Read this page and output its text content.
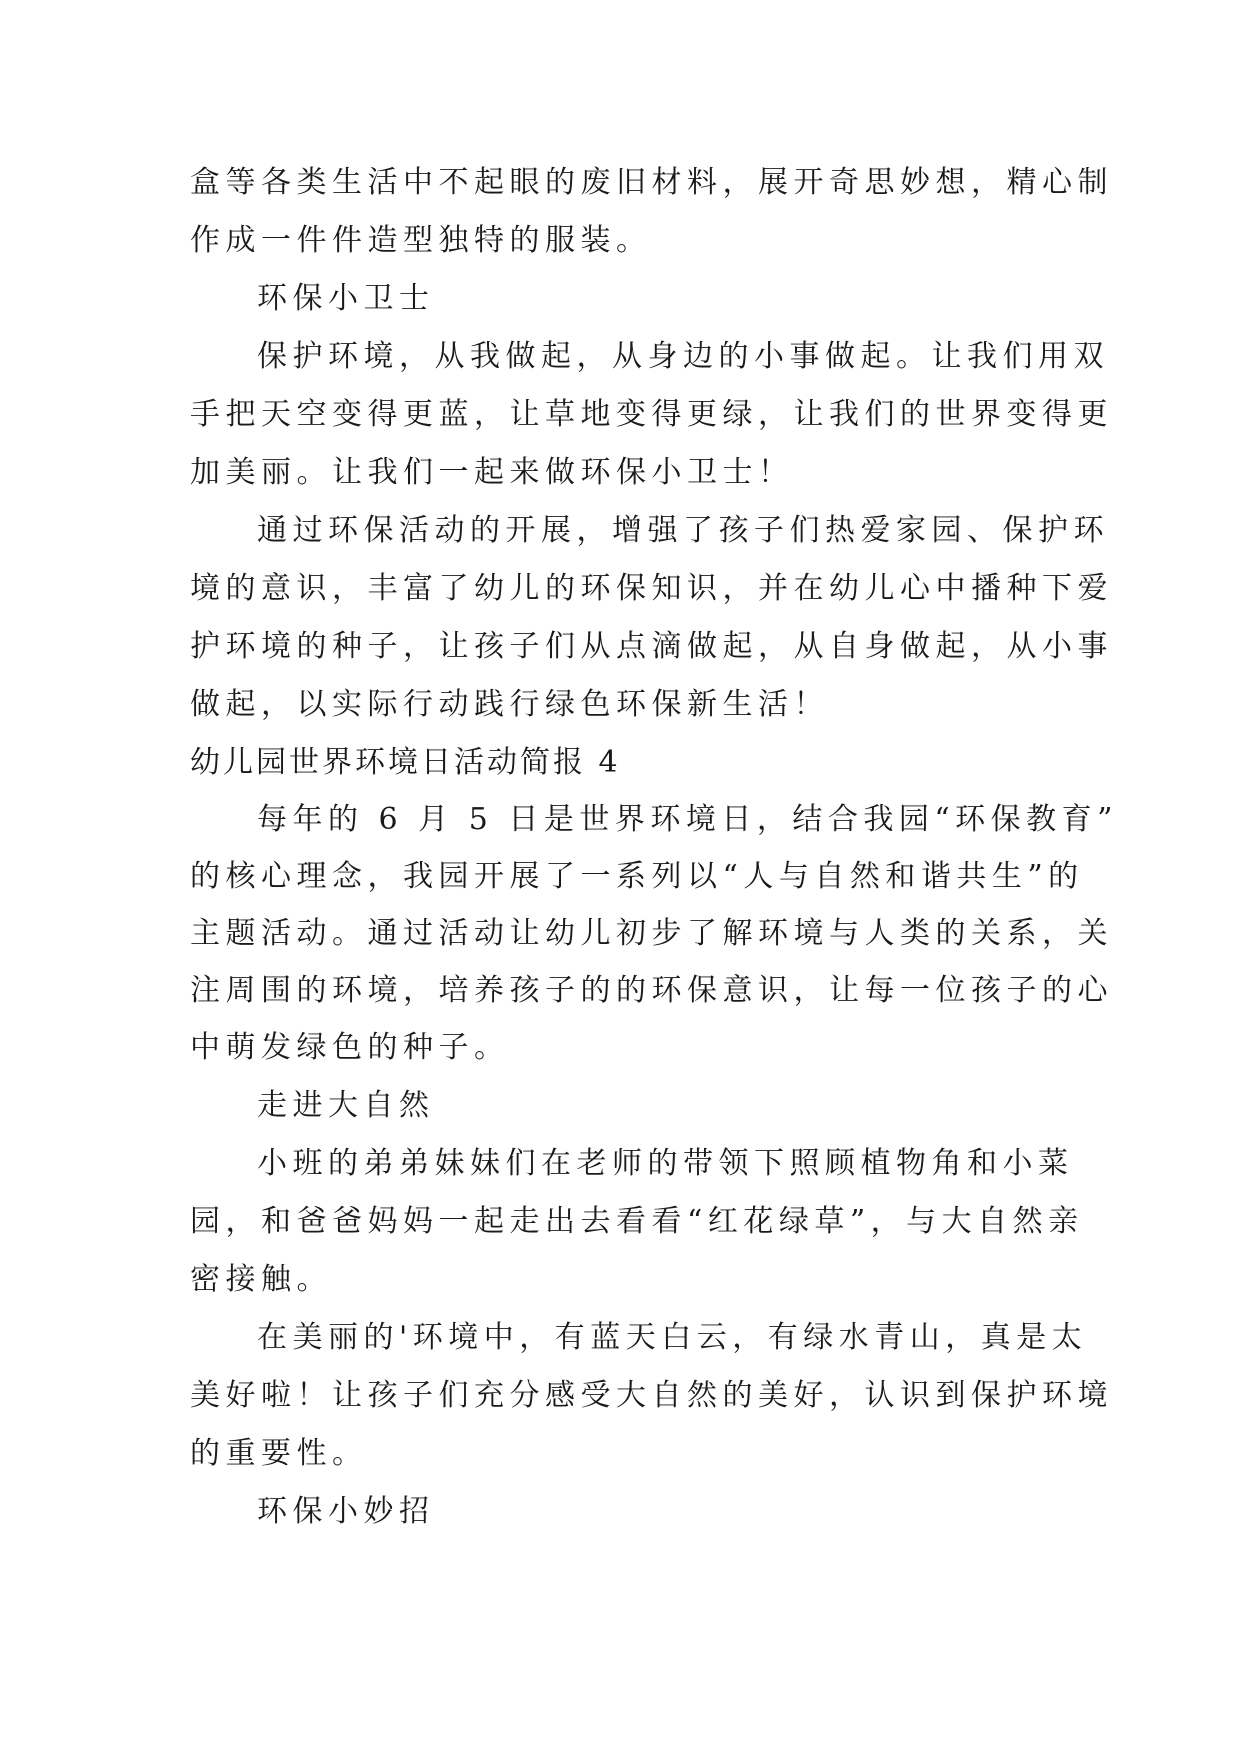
盒等各类生活中不起眼的废旧材料，展开奇思妙想，精心制

作成一件件造型独特的服装。

环保小卫士

保护环境，从我做起，从身边的小事做起。让我们用双

手把天空变得更蓝，让草地变得更绿，让我们的世界变得更

加美丽。让我们一起来做环保小卫士！

通过环保活动的开展，增强了孩子们热爱家园、保护环

境的意识，丰富了幼儿的环保知识，并在幼儿心中播种下爱

护环境的种子，让孩子们从点滴做起，从自身做起，从小事

做起，以实际行动践行绿色环保新生活！

幼儿园世界环境日活动简报 4

每年的 6 月 5 日是世界环境日，结合我园“环保教育”

的核心理念，我园开展了一系列以“人与自然和谐共生”的

主题活动。通过活动让幼儿初步了解环境与人类的关系，关

注周围的环境，培养孩子的的环保意识，让每一位孩子的心

中萌发绿色的种子。

走进大自然

小班的弟弟妹妹们在老师的带领下照顾植物角和小菜

园，和爸爸妈妈一起走出去看看“红花绿草”，与大自然亲

密接触。

在美丽的'环境中，有蓝天白云，有绿水青山，真是太

美好啦！让孩子们充分感受大自然的美好，认识到保护环境

的重要性。

环保小妙招
